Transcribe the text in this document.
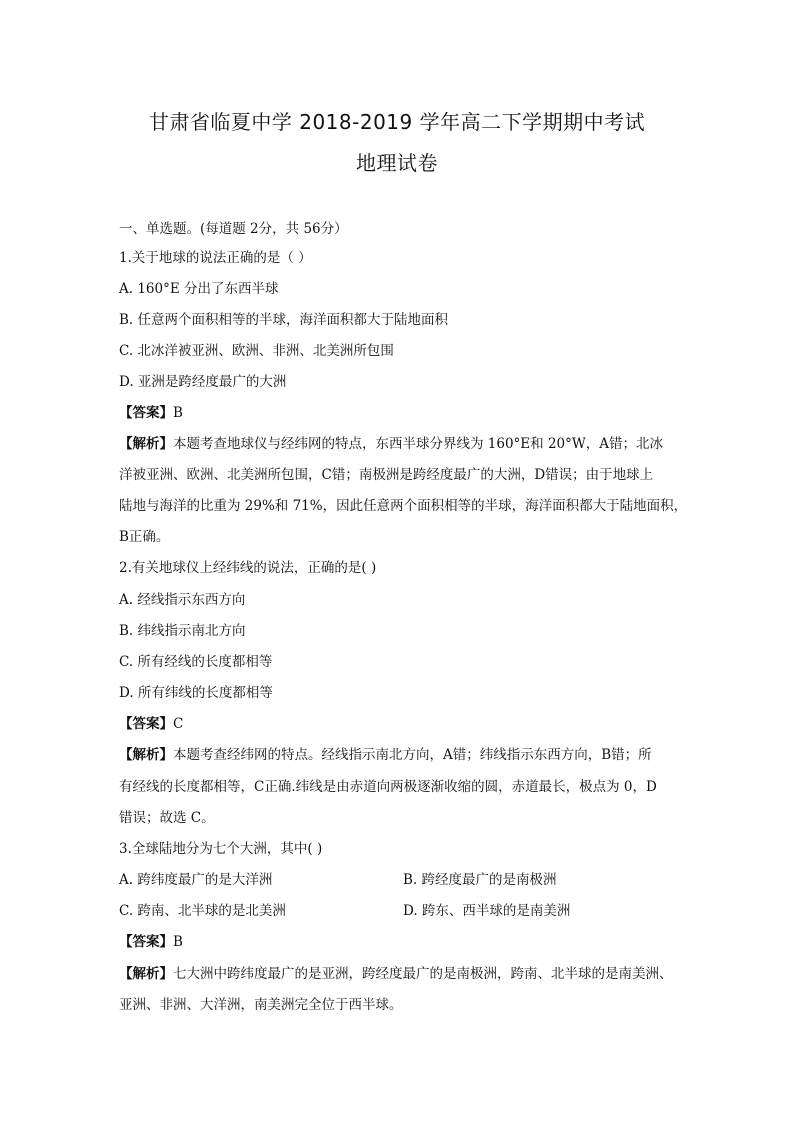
甘肃省临夏中学 2018-2019 学年高二下学期期中考试
地理试卷
一、单选题。(每道题 2分，共 56分）
1.关于地球的说法正确的是（ ）
A. 160°E 分出了东西半球
B. 任意两个面积相等的半球，海洋面积都大于陆地面积
C. 北冰洋被亚洲、欧洲、非洲、北美洲所包围
D. 亚洲是跨经度最广的大洲
【答案】B
【解析】本题考查地球仪与经纬网的特点，东西半球分界线为 160°E和 20°W，A错；北冰
洋被亚洲、欧洲、北美洲所包围，C错；南极洲是跨经度最广的大洲，D错误；由于地球上
陆地与海洋的比重为 29%和 71%，因此任意两个面积相等的半球，海洋面积都大于陆地面积，
B正确。
2.有关地球仪上经纬线的说法，正确的是( )
A. 经线指示东西方向
B. 纬线指示南北方向
C. 所有经线的长度都相等
D. 所有纬线的长度都相等
【答案】C
【解析】本题考查经纬网的特点。经线指示南北方向，A错；纬线指示东西方向，B错；所
有经线的长度都相等，C正确.纬线是由赤道向两极逐渐收缩的圆，赤道最长，极点为 0，D
错误；故选 C。
3.全球陆地分为七个大洲，其中( )
A. 跨纬度最广的是大洋洲	B. 跨经度最广的是南极洲
C. 跨南、北半球的是北美洲	D. 跨东、西半球的是南美洲
【答案】B
【解析】七大洲中跨纬度最广的是亚洲，跨经度最广的是南极洲，跨南、北半球的是南美洲、
亚洲、非洲、大洋洲，南美洲完全位于西半球。
